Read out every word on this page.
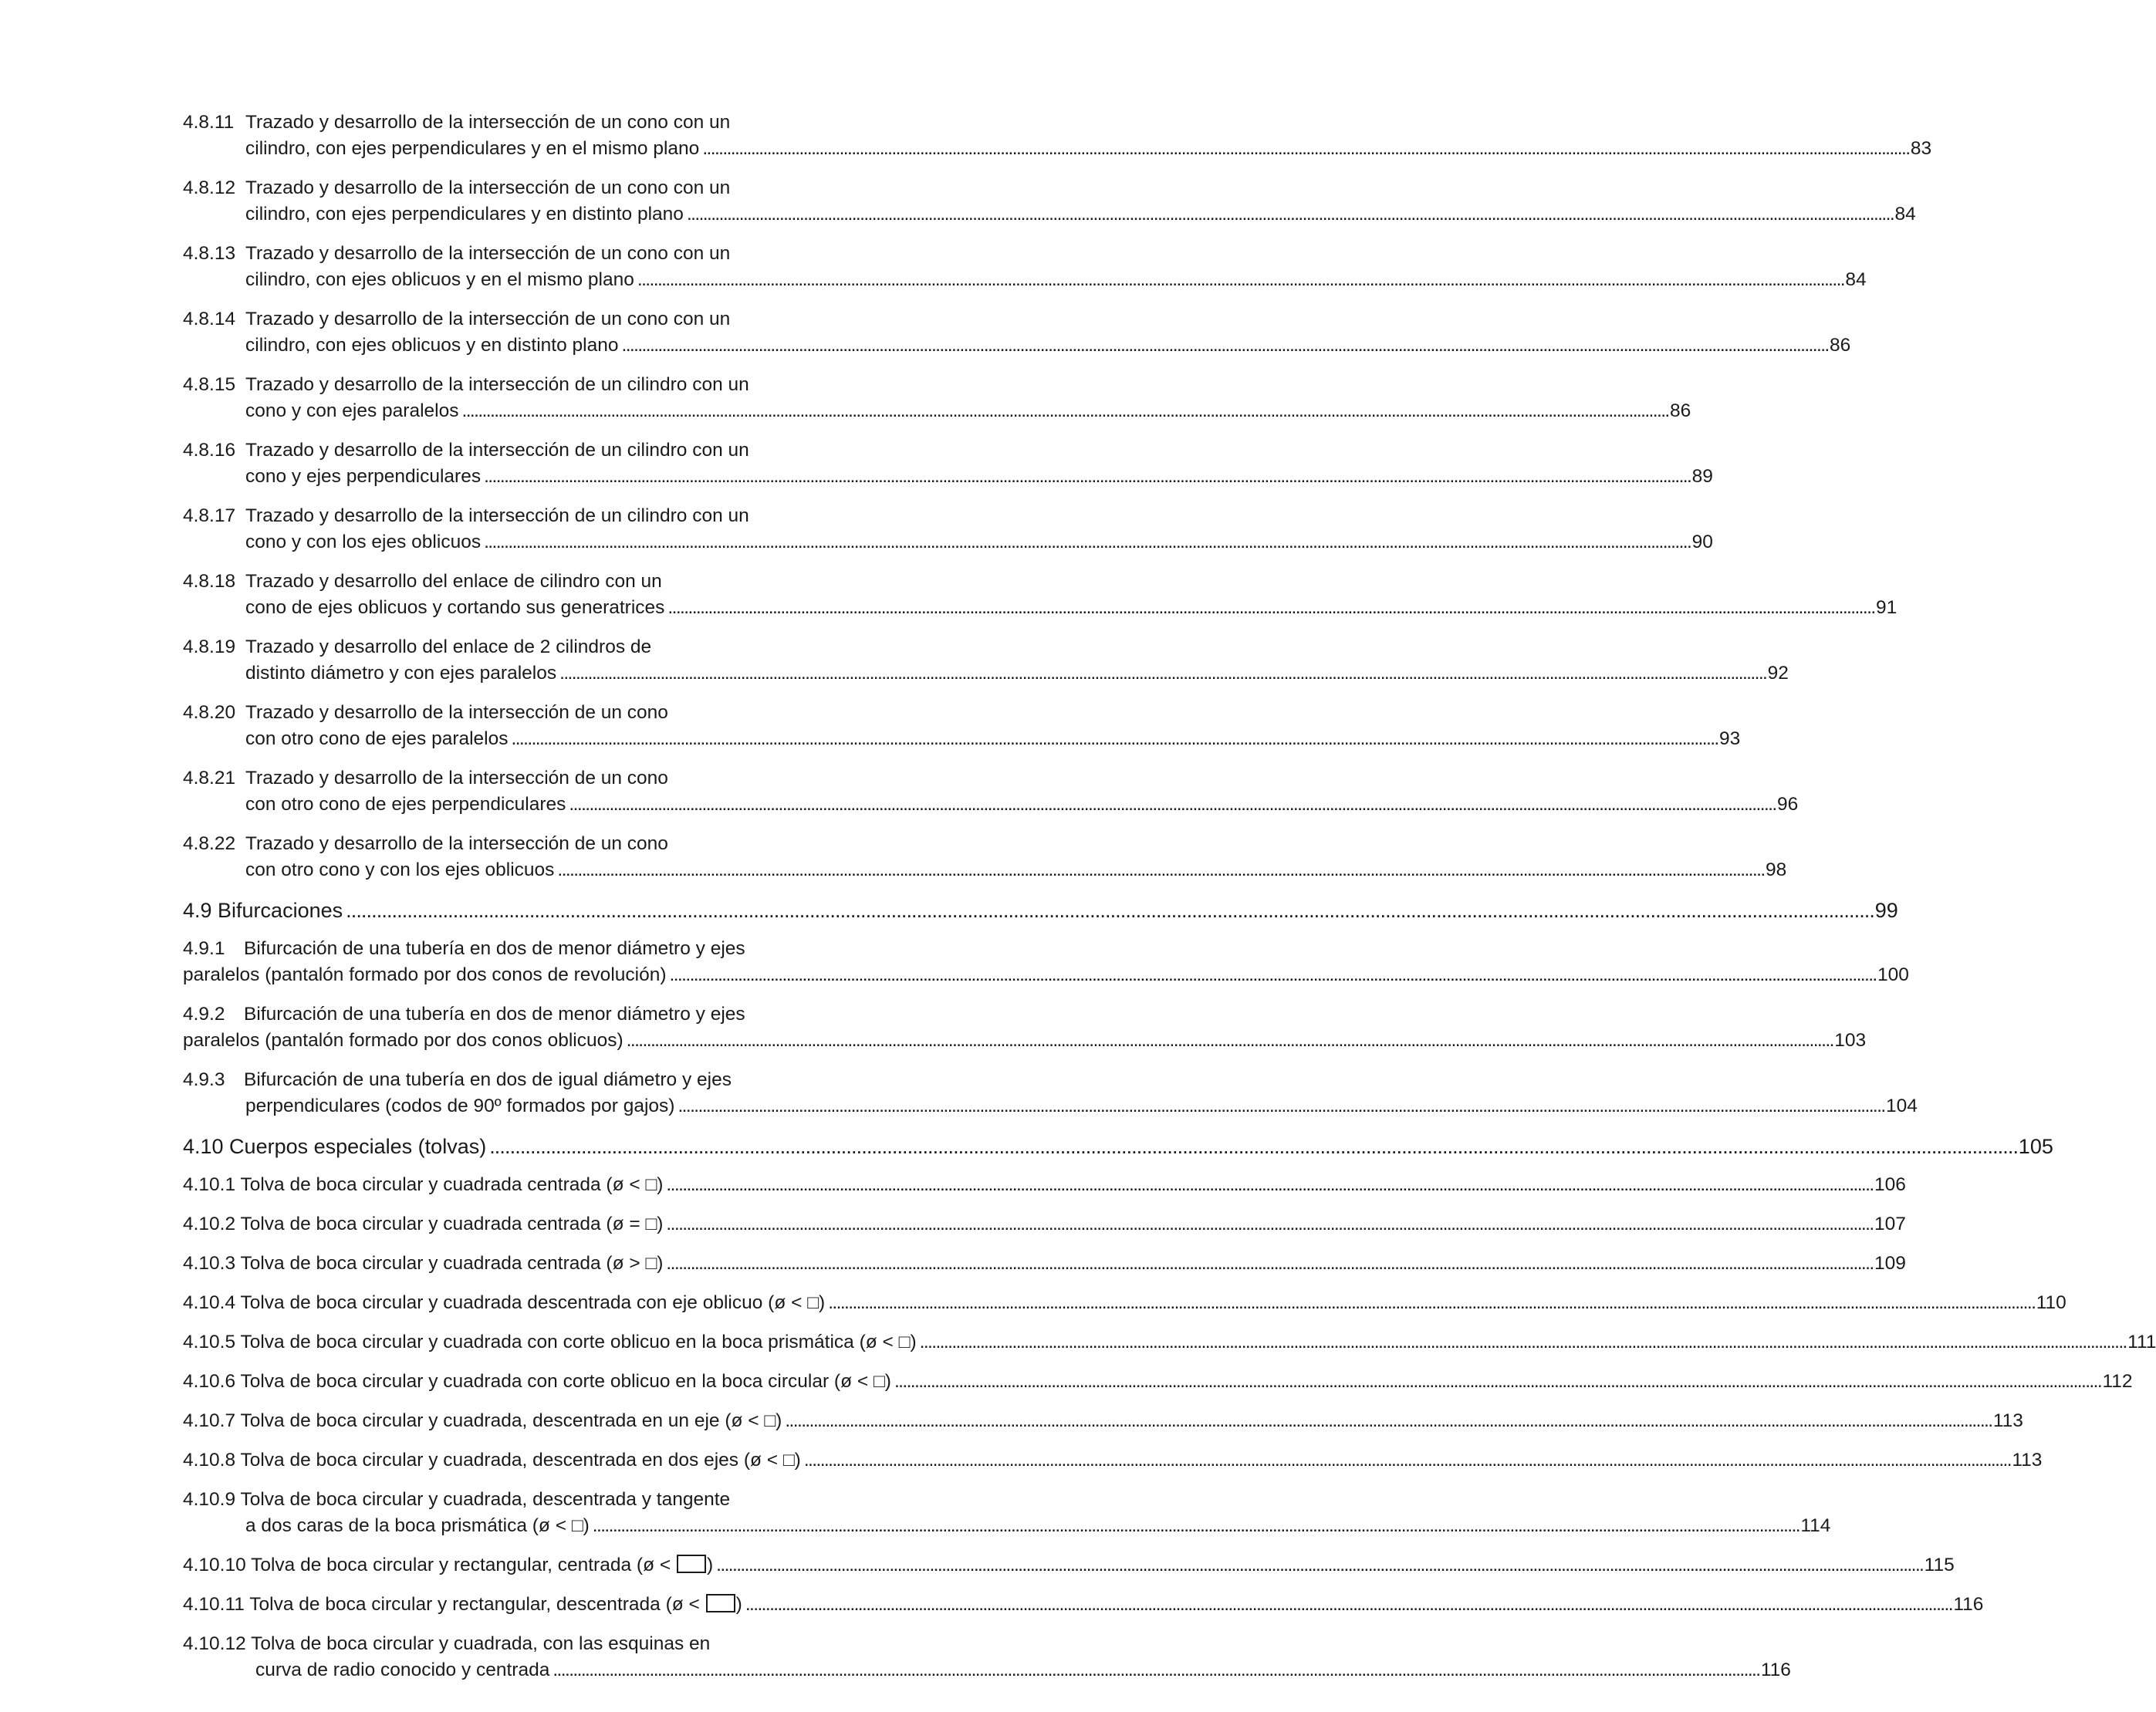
4.8.11 Trazado y desarrollo de la intersección de un cono con un
cilindro, con ejes perpendiculares y en el mismo plano . . .	83
4.8.12 Trazado y desarrollo de la intersección de un cono con un
cilindro, con ejes perpendiculares y en distinto plano . . .	84
4.8.13 Trazado y desarrollo de la intersección de un cono con un
cilindro, con ejes oblicuos y en el mismo plano . . .	84
4.8.14 Trazado y desarrollo de la intersección de un cono con un
cilindro, con ejes oblicuos y en distinto plano . . .	86
4.8.15 Trazado y desarrollo de la intersección de un cilindro con un
cono y con ejes paralelos . . .	86
4.8.16 Trazado y desarrollo de la intersección de un cilindro con un
cono y ejes perpendiculares . . .	89
4.8.17 Trazado y desarrollo de la intersección de un cilindro con un
cono y con los ejes oblicuos . . .	90
4.8.18 Trazado y desarrollo del enlace de cilindro con un
cono de ejes oblicuos y cortando sus generatrices . . .	91
4.8.19 Trazado y desarrollo del enlace de 2 cilindros de
distinto diámetro y con ejes paralelos . . .	92
4.8.20 Trazado y desarrollo de la intersección de un cono
con otro cono de ejes paralelos . . .	93
4.8.21 Trazado y desarrollo de la intersección de un cono
con otro cono de ejes perpendiculares . . .	96
4.8.22 Trazado y desarrollo de la intersección de un cono
con otro cono y con los ejes oblicuos . . .	98
4.9 Bifurcaciones . . .	99
4.9.1	Bifurcación de una tubería en dos de menor diámetro y ejes
paralelos (pantalón formado por dos conos de revolución) . . .	100
4.9.2	Bifurcación de una tubería en dos de menor diámetro y ejes
paralelos (pantalón formado por dos conos oblicuos) . . .	103
4.9.3	Bifurcación de una tubería en dos de igual diámetro y ejes
perpendiculares (codos de 90º formados por gajos) . . .	104
4.10 Cuerpos especiales (tolvas) . . .	105
4.10.1 Tolva de boca circular y cuadrada centrada (ø < □) . . .	106
4.10.2 Tolva de boca circular y cuadrada centrada (ø = □) . . .	107
4.10.3 Tolva de boca circular y cuadrada centrada (ø > □) . . .	109
4.10.4 Tolva de boca circular y cuadrada descentrada con eje oblicuo (ø < □) . . .	110
4.10.5 Tolva de boca circular y cuadrada con corte oblicuo en la boca prismática (ø < □) . . .	111
4.10.6 Tolva de boca circular y cuadrada con corte oblicuo en la boca circular (ø < □) . . .	112
4.10.7 Tolva de boca circular y cuadrada, descentrada en un eje (ø < □) . . .	113
4.10.8 Tolva de boca circular y cuadrada, descentrada en dos ejes (ø < □) . . .	113
4.10.9 Tolva de boca circular y cuadrada, descentrada y tangente
a dos caras de la boca prismática (ø < □) . . .	114
4.10.10 Tolva de boca circular y rectangular, centrada (ø < ) . . .	115
4.10.11 Tolva de boca circular y rectangular, descentrada (ø < ) . . .	116
4.10.12 Tolva de boca circular y cuadrada, con las esquinas en
curva de radio conocido y centrada . . .	116
